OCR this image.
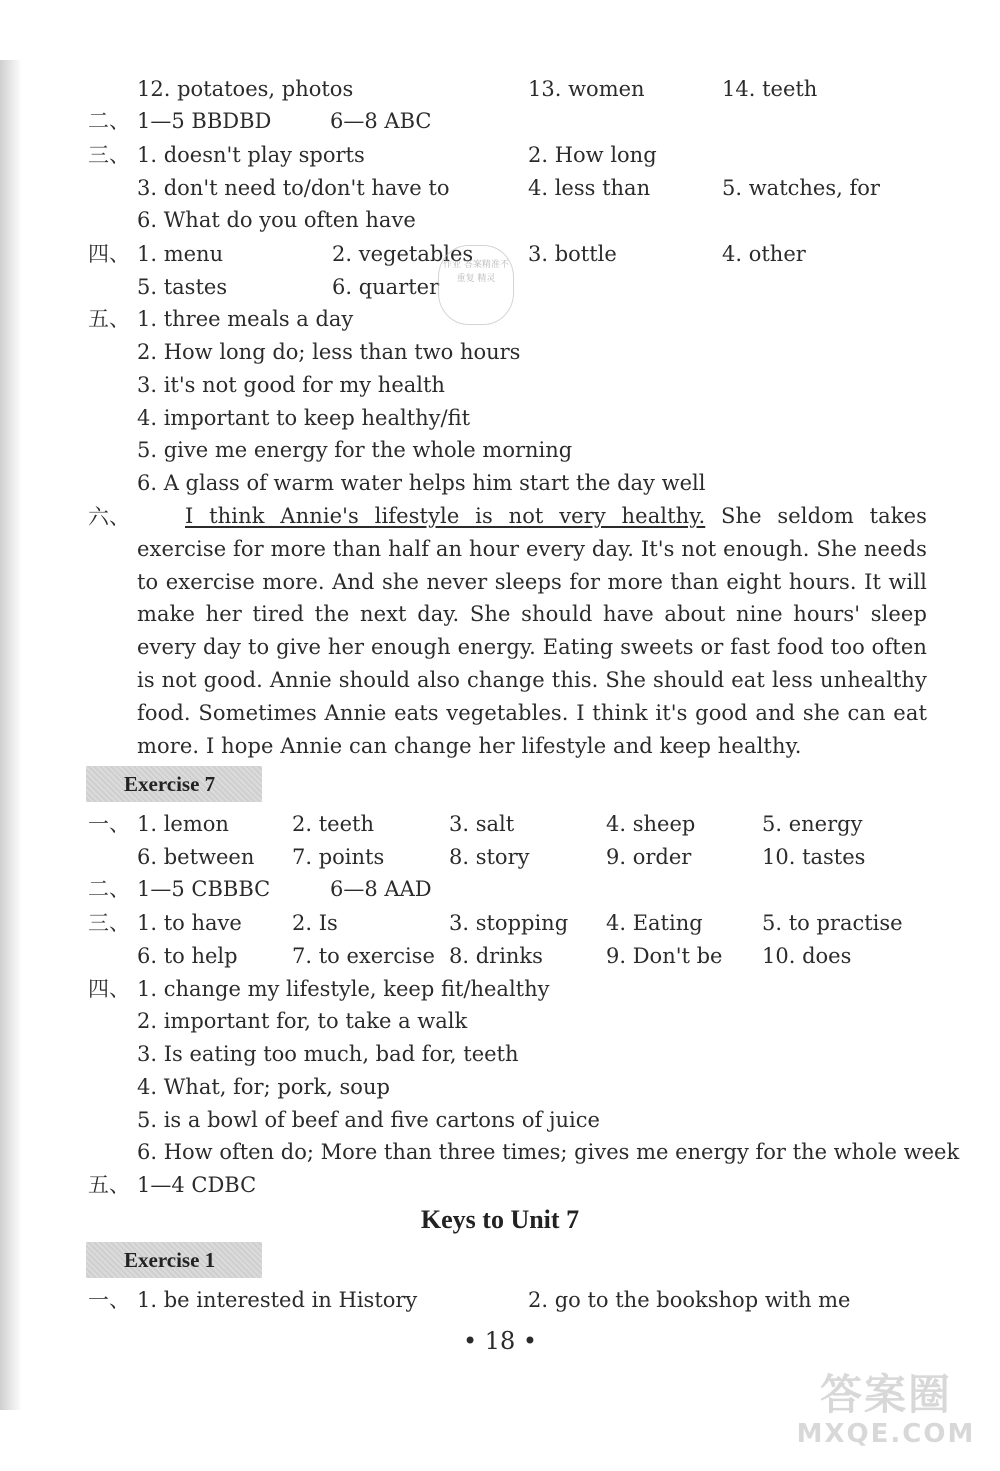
12. potatoes, photos	13. women	14. teeth
二、 1—5 BBDBD	6—8 ABC
三、 1. doesn't play sports	2. How long
3. don't need to/don't have to	4. less than	5. watches, for
6. What do you often have
四、 1. menu	2. vegetables	3. bottle	4. other
5. tastes	6. quarter
五、 1. three meals a day
2. How long do; less than two hours
3. it's not good for my health
4. important to keep healthy/fit
5. give me energy for the whole morning
6. A glass of warm water helps him start the day well
一、 1. lemon	2. teeth	3. salt	4. sheep	5. energy
6. between 7. points	8. story	9. order	10. tastes
二、 1—5 CBBBC	6—8 AAD
三、 1. to have 2. Is	3. stopping 4. Eating	5. to practise
6. to help	7. to exercise 8. drinks	9. Don't be 10. does
四、 1. change my lifestyle, keep fit/healthy
2. important for, to take a walk
3. Is eating too much, bad for, teeth
4. What, for; pork, soup
5. is a bowl of beef and five cartons of juice
6. How often do; More than three times; gives me energy for the whole week
五、 1—4 CDBC
一、 1. be interested in History	2. go to the bookshop with me
I think Annie's lifestyle is not very healthy. She seldom takes exercise for more than half an hour every day. It's not enough. She needs to exercise more. And she never sleeps for more than eight hours. It will make her tired the next day. She should have about nine hours' sleep every day to give her enough energy. Eating sweets or fast food too often is not good. Annie should also change this. She should eat less unhealthy food. Sometimes Annie eats vegetables. I think it's good and she can eat more. I hope Annie can change her lifestyle and keep healthy.
六、
Exercise 7
Keys to Unit 7
Exercise 1
• 18 •
作业 答案精准不重复 精灵
答案圈
MXQE.COM
